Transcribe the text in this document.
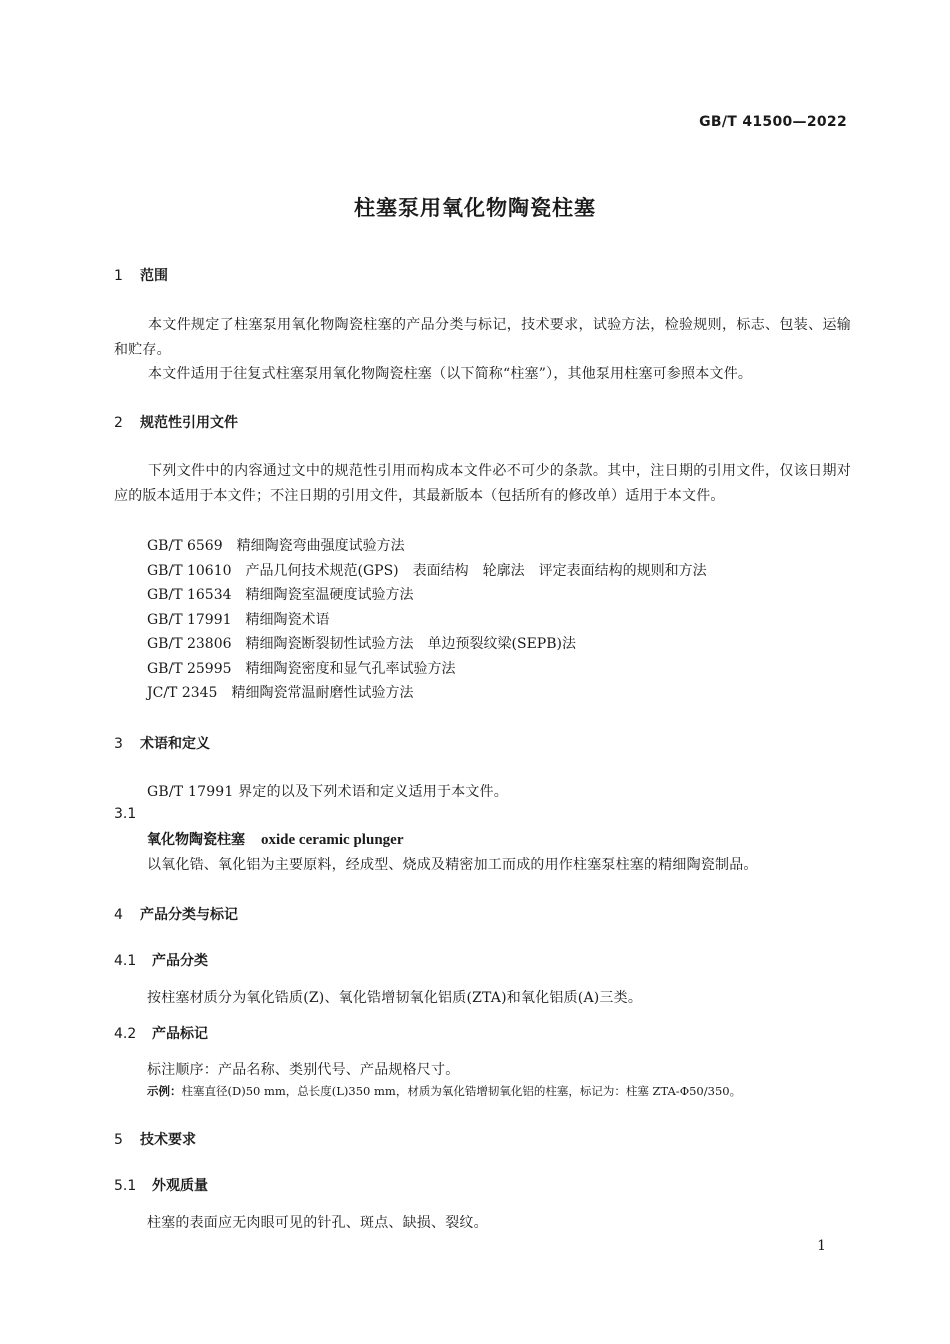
GB/T 41500—2022
柱塞泵用氧化物陶瓷柱塞
1 范围
本文件规定了柱塞泵用氧化物陶瓷柱塞的产品分类与标记，技术要求，试验方法，检验规则，标志、包装、运输和贮存。
本文件适用于往复式柱塞泵用氧化物陶瓷柱塞（以下简称“柱塞”），其他泵用柱塞可参照本文件。
2 规范性引用文件
下列文件中的内容通过文中的规范性引用而构成本文件必不可少的条款。其中，注日期的引用文件，仅该日期对应的版本适用于本文件；不注日期的引用文件，其最新版本（包括所有的修改单）适用于本文件。
GB/T 6569 精细陶瓷弯曲强度试验方法
GB/T 10610 产品几何技术规范(GPS)　表面结构　轮廓法　评定表面结构的规则和方法
GB/T 16534 精细陶瓷室温硬度试验方法
GB/T 17991 精细陶瓷术语
GB/T 23806 精细陶瓷断裂韧性试验方法　单边预裂纹梁(SEPB)法
GB/T 25995 精细陶瓷密度和显气孔率试验方法
JC/T 2345 精细陶瓷常温耐磨性试验方法
3 术语和定义
GB/T 17991 界定的以及下列术语和定义适用于本文件。
3.1
氧化物陶瓷柱塞 oxide ceramic plunger
以氧化锆、氧化铝为主要原料，经成型、烧成及精密加工而成的用作柱塞泵柱塞的精细陶瓷制品。
4 产品分类与标记
4.1 产品分类
按柱塞材质分为氧化锆质(Z)、氧化锆增韧氧化铝质(ZTA)和氧化铝质(A)三类。
4.2 产品标记
标注顺序：产品名称、类别代号、产品规格尺寸。
示例：柱塞直径(D)50 mm，总长度(L)350 mm，材质为氧化锆增韧氧化铝的柱塞，标记为：柱塞 ZTA-Φ50/350。
5 技术要求
5.1 外观质量
柱塞的表面应无肉眼可见的针孔、斑点、缺损、裂纹。
1
